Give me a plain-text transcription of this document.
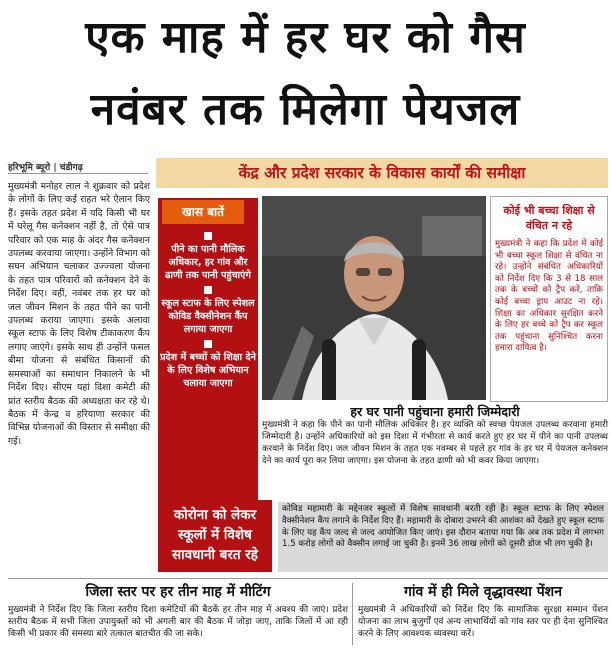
एक माह में हर घर को गैस
नवंबर तक मिलेगा पेयजल
हरिभूमि ब्यूरो | चंडीगढ़
मुख्यमंत्री मनोहर लाल ने शुक्रवार को प्रदेश के लोगों के लिए कई राहत भरे ऐलान किए हैं। इसके तहत प्रदेश में यदि किसी भी घर में घरेलू गैस कनेक्शन नहीं है, तो ऐसे पात्र परिवार को एक माह के अंदर गैस कनेक्शन उपलब्ध करवाया जाएगा। उन्होंने विभाग को सघन अभियान चलाकर उज्ज्वला योजना के तहत पात्र परिवारों को कनेक्शन देने के निर्देश दिए। वहीं, नवंबर तक हर घर को जल जीवन मिशन के तहत पीने का पानी उपलब्ध कराया जाएगा। इसके अलावा स्कूल स्टाफ के लिए विशेष टीकाकरण कैंप लगाए जाएंगे। इसके साथ ही उन्होंने फसल बीमा योजना से संबंधित किसानों की समस्याओं का समाधान निकालने के भी निर्देश दिए। सीएम यहां दिशा कमेटी की प्रांत स्तरीय बैठक की अध्यक्षता कर रहे थे। बैठक में केन्द्र व हरियाणा सरकार की विभिन्न योजनाओं की विस्तार से समीक्षा की गई।
केंद्र और प्रदेश सरकार के विकास कार्यों की समीक्षा
खास बातें
पीने का पानी मौलिक अधिकार, हर गांव और ढाणी तक पानी पहुंचाएंगे
स्कूल स्टाफ के लिए स्पेशल कोविड वैक्सीनेशन कैंप लगाया जाएगा
प्रदेश में बच्चों को शिक्षा देने के लिए विशेष अभियान चलाया जाएगा
कोई भी बच्चा शिक्षा से वंचित न रहे
मुख्यमंत्री ने कहा कि प्रदेश में कोई भी बच्चा स्कूल शिक्षा से वंचित ना रहे। उन्होंने संबंधित अधिकारियों को निर्देश दिए कि 3 से 18 साल तक के बच्चों को ट्रैप करें, ताकि कोई बच्चा ड्राप आउट ना रहे। शिक्षा का अधिकार सुरक्षित करने के लिए हर बच्चे को ट्रैप कर स्कूल तक पहुंचाना सुनिश्चित करना हमारा दायित्व है।
हर घर पानी पहुंचाना हमारी जिम्मेदारी
मुख्यमंत्री ने कहा कि पीने का पानी मौलिक अधिकार है। हर व्यक्ति को स्वच्छ पेयजल उपलब्ध करवाना हमारी जिम्मेदारी है। उन्होंने अधिकारियों को इस दिशा में गंभीरता से कार्य करते हुए हर घर में पीने का पानी उपलब्ध करवाने के निर्देश दिए। जल जीवन मिशन के तहत एक नवम्बर से पहले हर गांव के हर घर में पेयजल कनेक्शन देने का कार्य पूरा कर लिया जाएगा। इस योजना के तहत ढाणी को भी कवर किया जाएगा।
कोरोना को लेकर स्कूलों में विशेष सावधानी बरत रहे
कोविड महामारी के मद्देनजर स्कूलों में विशेष सावधानी बरती रही है। स्कूल स्टाफ के लिए स्पेशल वैक्सीनेशन कैंप लगाने के निर्देश दिए हैं। महामारी के दोबारा उभरने की आशंका को देखते हुए स्कूल स्टाफ के लिए यह कैंप जल्द से जल्द आयोजित किए जाएं। इस दौरान बताया गया कि अब तक प्रदेश में लगभग 1.5 करोड़ लोगों को वैक्सीन लगाई जा चुकी है। इनमें 36 लाख लोगों को दूसरी डोज भी लग चुकी है।
जिला स्तर पर हर तीन माह में मीटिंग
मुख्यमंत्री ने निर्देश दिए कि जिला स्तरीय दिशा कमेटियों की बैठकें हर तीन माह में अवश्य की जाएं। प्रदेश स्तरीय बैठक में सभी जिला उपायुक्तों को भी अगली बार की बैठक में जोड़ा जाए, ताकि जिलों में आ रही किसी भी प्रकार की समस्या बारे तत्काल बातचीत की जा सके।
गांव में ही मिले वृद्धावस्था पेंशन
मुख्यमंत्री ने अधिकारियों को निर्देश दिए कि सामाजिक सुरक्षा सम्मान पेंशन योजना का लाभ बुजुर्गों एवं अन्य लाभार्थियों को गांव स्तर पर ही देना सुनिश्चित करने के लिए आवश्यक व्यवस्था करें।
